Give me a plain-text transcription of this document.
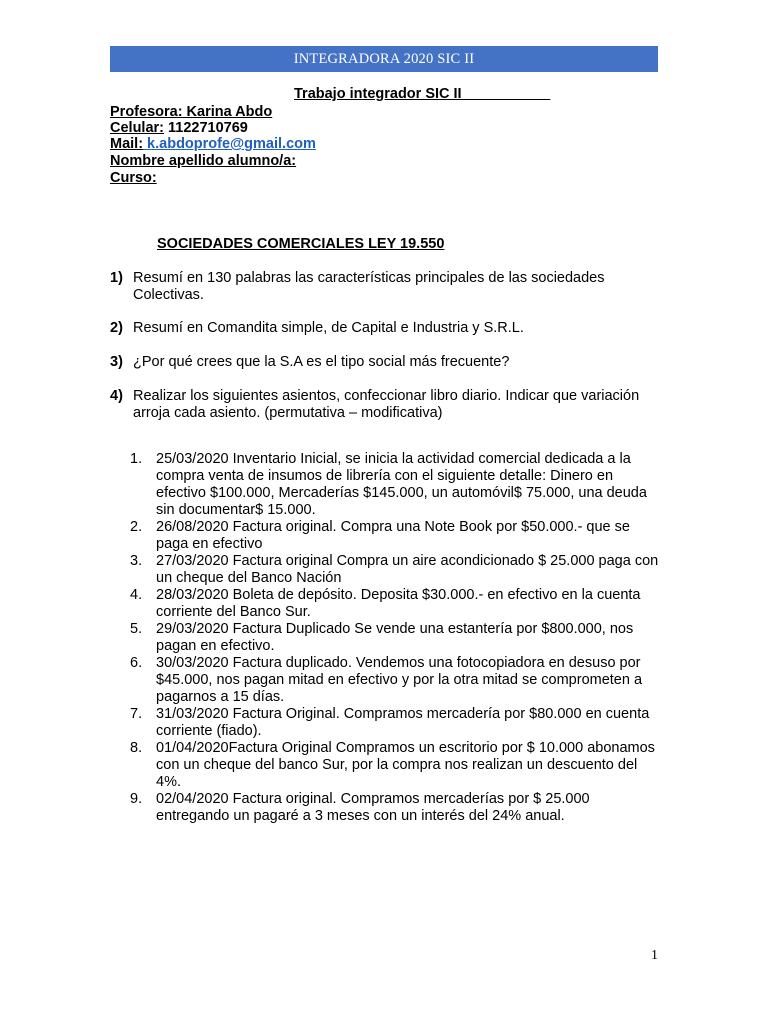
INTEGRADORA 2020 SIC II
Trabajo integrador SIC II___________
Profesora: Karina Abdo
Celular: 1122710769
Mail: k.abdoprofe@gmail.com
Nombre apellido alumno/a:
Curso:
SOCIEDADES COMERCIALES LEY 19.550
1) Resumí en 130 palabras las características principales de las sociedades Colectivas.
2) Resumí en Comandita simple, de Capital e Industria y S.R.L.
3) ¿Por qué crees que la S.A es el tipo social más frecuente?
4) Realizar los siguientes asientos, confeccionar libro diario. Indicar que variación arroja cada asiento. (permutativa – modificativa)
1. 25/03/2020 Inventario Inicial, se inicia la actividad comercial dedicada a la compra venta de insumos de librería con el siguiente detalle: Dinero en efectivo $100.000, Mercaderías $145.000, un automóvil$ 75.000, una deuda sin documentar$ 15.000.
2. 26/08/2020 Factura original. Compra una Note Book por $50.000.- que se paga en efectivo
3. 27/03/2020 Factura original Compra un aire acondicionado $ 25.000 paga con un cheque del Banco Nación
4. 28/03/2020 Boleta de depósito. Deposita $30.000.- en efectivo en la cuenta corriente del Banco Sur.
5. 29/03/2020 Factura Duplicado Se vende una estantería por $800.000, nos pagan en efectivo.
6. 30/03/2020 Factura duplicado. Vendemos una fotocopiadora en desuso por $45.000, nos pagan mitad en efectivo y por la otra mitad se comprometen a pagarnos a 15 días.
7. 31/03/2020 Factura Original. Compramos mercadería por $80.000 en cuenta corriente (fiado).
8. 01/04/2020Factura Original Compramos un escritorio por $ 10.000 abonamos con un cheque del banco Sur, por la compra nos realizan un descuento del 4%.
9. 02/04/2020 Factura original. Compramos mercaderías por $ 25.000 entregando un pagaré a 3 meses con un interés del 24% anual.
1
